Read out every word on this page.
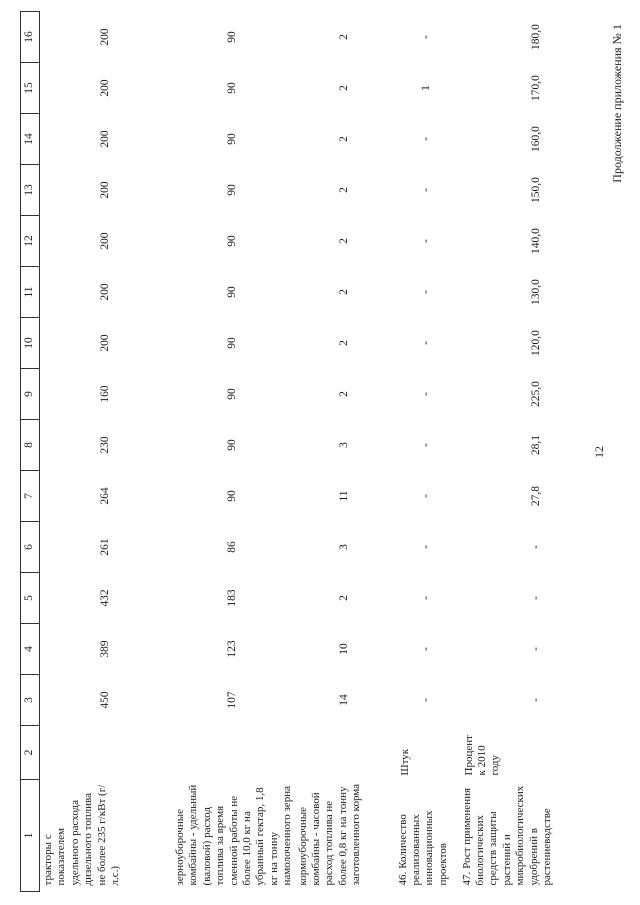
1	2	3	4	5	6	7	8	9	10	11	12	13	14	15	16
тракторы с показателем удельного расхода дизельного топлива не более 235 г/кВт (г/л.с.)		450	389	432	261	264	230	160	200	200	200	200	200	200	200
зерноуборочные комбайны - удельный (валовой) расход топлива за время сменной работы не более 10,0 кг на убранный гектар, 1,8 кг на тонну намолоченного зерна		107	123	183	86	90	90	90	90	90	90	90	90	90	90
кормоуборочные комбайны - часовой расход топлива не более 0,8 кг на тонну заготовленного корма		14	10	2	3	11	3	2	2	2	2	2	2	2	2
46.Количество реализованных инновационных проектов	Штук	-	-	-	-	-	-	-	-	-	-	-	-	1	-
47.Рост применения биологических средств защиты растений и микробиологических удобрений в растениеводстве	Процент к 2010 году	-	-	-	-	27,8	28,1	225,0	120,0	130,0	140,0	150,0	160,0	170,0	180,0
12
Продолжение приложения № 1
